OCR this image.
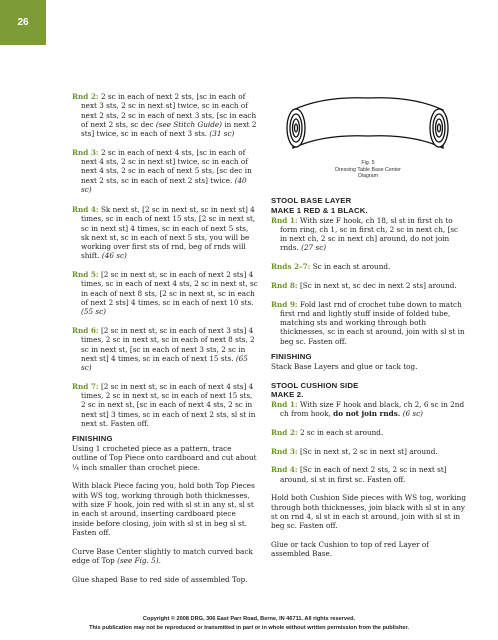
26
Fig. 5
Dressing Table Base Center
Diagram

Rnd 2: 2 sc in each of next 2 sts, [sc in each of next 3 sts, 2 sc in next st] twice, sc in each of next 2 sts, 2 sc in each of next 3 sts, [sc in each of next 2 sts, sc dec (see Stitch Guide) in next 2 sts] twice, sc in each of next 3 sts. (31 sc)

Rnd 3: 2 sc in each of next 4 sts, [sc in each of next 4 sts, 2 sc in next st] twice, sc in each of next 4 sts, 2 sc in each of next 5 sts, [sc dec in next 2 sts, sc in each of next 2 sts] twice. (40 sc)

Rnd 4: Sk next st, [2 sc in next st, sc in next st] 4 times, sc in each of next 15 sts, [2 sc in next st, sc in next st] 4 times, sc in each of next 5 sts, sk next st, sc in each of next 5 sts, you will be working over first sts of rnd, beg of rnds will shift. (46 sc)

Rnd 5: [2 sc in next st, sc in each of next 2 sts] 4 times, sc in each of next 4 sts, 2 sc in next st, sc in each of next 8 sts, [2 sc in next st, sc in each of next 2 sts] 4 times, sc in each of next 10 sts. (55 sc)

Rnd 6: [2 sc in next st, sc in each of next 3 sts] 4 times, 2 sc in next st, sc in each of next 8 sts, 2 sc in next st, [sc in each of next 3 sts, 2 sc in next st] 4 times, sc in each of next 15 sts. (65 sc)

Rnd 7: [2 sc in next st, sc in each of next 4 sts] 4 times, 2 sc in next st, sc in each of next 15 sts, 2 sc in next st, [sc in each of next 4 sts, 2 sc in next st] 3 times, sc in each of next 2 sts, sl st in next st. Fasten off.

FINISHING

Using 1 crocheted piece as a pattern, trace outline of Top Piece onto cardboard and cut about ¼ inch smaller than crochet piece.

With black Piece facing you, hold both Top Pieces with WS tog, working through both thicknesses, with size F hook, join red with sl st in any st, sl st in each st around, inserting cardboard piece inside before closing, join with sl st in beg sl st. Fasten off.

Curve Base Center slightly to match curved back edge of Top (see Fig. 5).

Glue shaped Base to red side of assembled Top.

STOOL BASE LAYER
MAKE 1 RED & 1 BLACK.

Rnd 1: With size F hook, ch 18, sl st in first ch to form ring, ch 1, sc in first ch, 2 sc in next ch, [sc in next ch, 2 sc in next ch] around, do not join rnds. (27 sc)

Rnds 2–7: Sc in each st around.

Rnd 8: [Sc in next st, sc dec in next 2 sts] around.

Rnd 9: Fold last rnd of crochet tube down to match first rnd and lightly stuff inside of folded tube, matching sts and working through both thicknesses, sc in each st around, join with sl st in beg sc. Fasten off.

FINISHING

Stack Base Layers and glue or tack tog.

STOOL CUSHION SIDE
MAKE 2.

Rnd 1: With size F hook and black, ch 2, 6 sc in 2nd ch from hook, do not join rnds. (6 sc)

Rnd 2: 2 sc in each st around.

Rnd 3: [Sc in next st, 2 sc in next st] around.

Rnd 4: [Sc in each of next 2 sts, 2 sc in next st] around, sl st in first sc. Fasten off.

Hold both Cushion Side pieces with WS tog, working through both thicknesses, join black with sl st in any st on rnd 4, sl st in each st around, join with sl st in beg sc. Fasten off.

Glue or tack Cushion to top of red Layer of assembled Base.

Copyright © 2008 DRG, 306 East Parr Road, Berne, IN 46711. All rights reserved.
This publication may not be reproduced or transmitted in part or in whole without written permission from the publisher.
